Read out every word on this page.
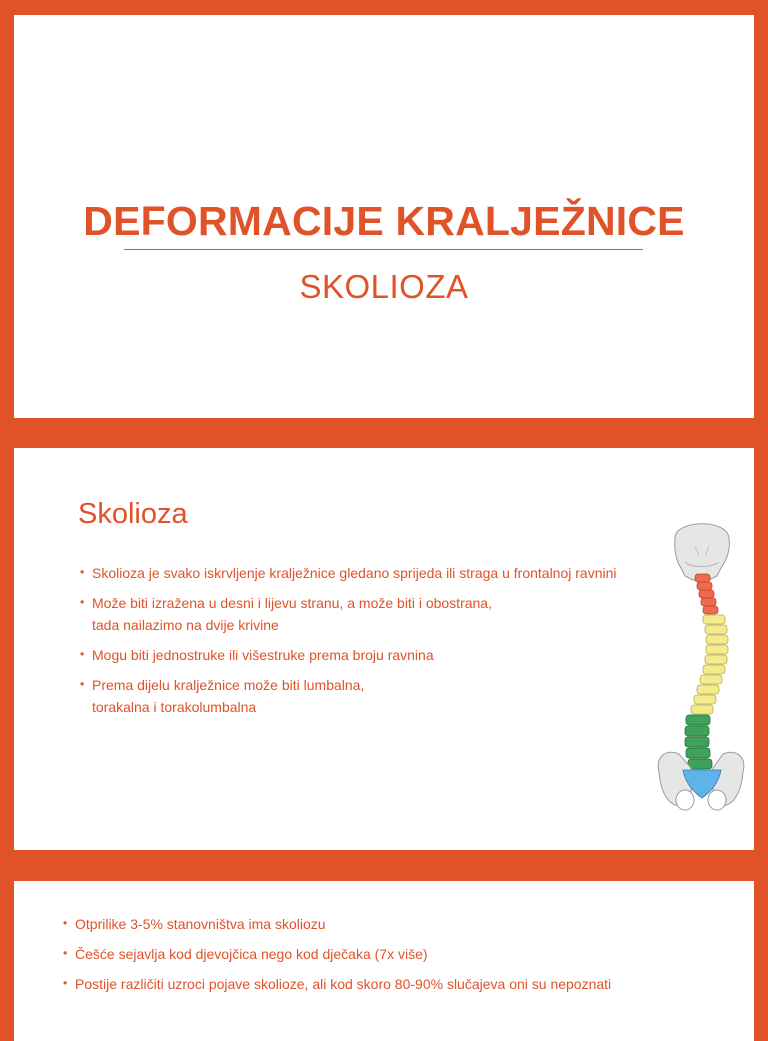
DEFORMACIJE KRALJEŽNICE
SKOLIOZA
Skolioza
• Skolioza je svako iskrvljenje kralježnice gledano sprijeda ili straga u frontalnoj ravnini
• Može biti izražena u desni i lijevu stranu, a može biti i obostrana,
tada nailazimo na dvije krivine
• Mogu biti jednostruke ili višestruke prema broju ravnina
• Prema dijelu kralježnice može biti lumbalna,
torakalna i torakolumbalna
• Otprilike 3-5% stanovništva ima skoliozu
• Češće sejavlja kod djevojčica nego kod dječaka (7x više)
• Postije različiti uzroci pojave skolioze, ali kod skoro 80-90% slučajeva oni su nepoznati
